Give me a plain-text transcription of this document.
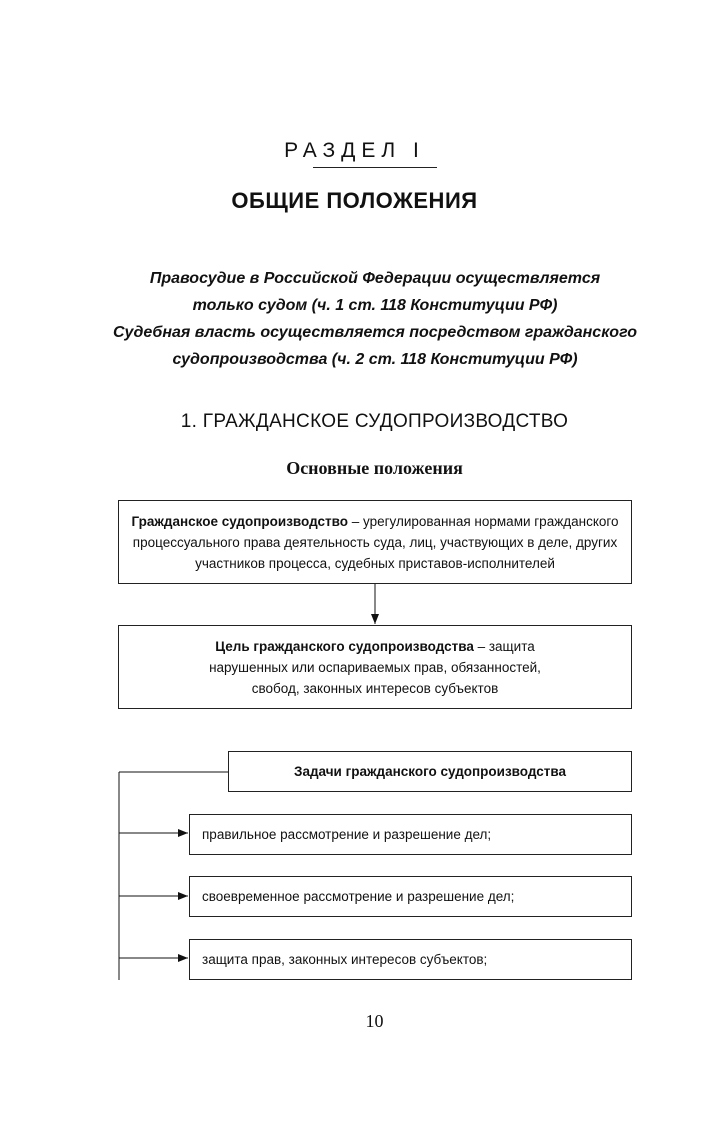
РАЗДЕЛ I
ОБЩИЕ ПОЛОЖЕНИЯ
Правосудие в Российской Федерации осуществляется
только судом (ч. 1 ст. 118 Конституции РФ)
Судебная власть осуществляется посредством гражданского
судопроизводства (ч. 2 ст. 118 Конституции РФ)
1. ГРАЖДАНСКОЕ СУДОПРОИЗВОДСТВО
Основные положения
Гражданское судопроизводство – урегулированная нормами гражданского процессуального права деятельность суда, лиц, участвующих в деле, других участников процесса, судебных приставов-исполнителей
Цель гражданского судопроизводства – защита
нарушенных или оспариваемых прав, обязанностей,
свобод, законных интересов субъектов
Задачи гражданского судопроизводства
правильное рассмотрение и разрешение дел;
своевременное рассмотрение и разрешение дел;
защита прав, законных интересов субъектов;
10
